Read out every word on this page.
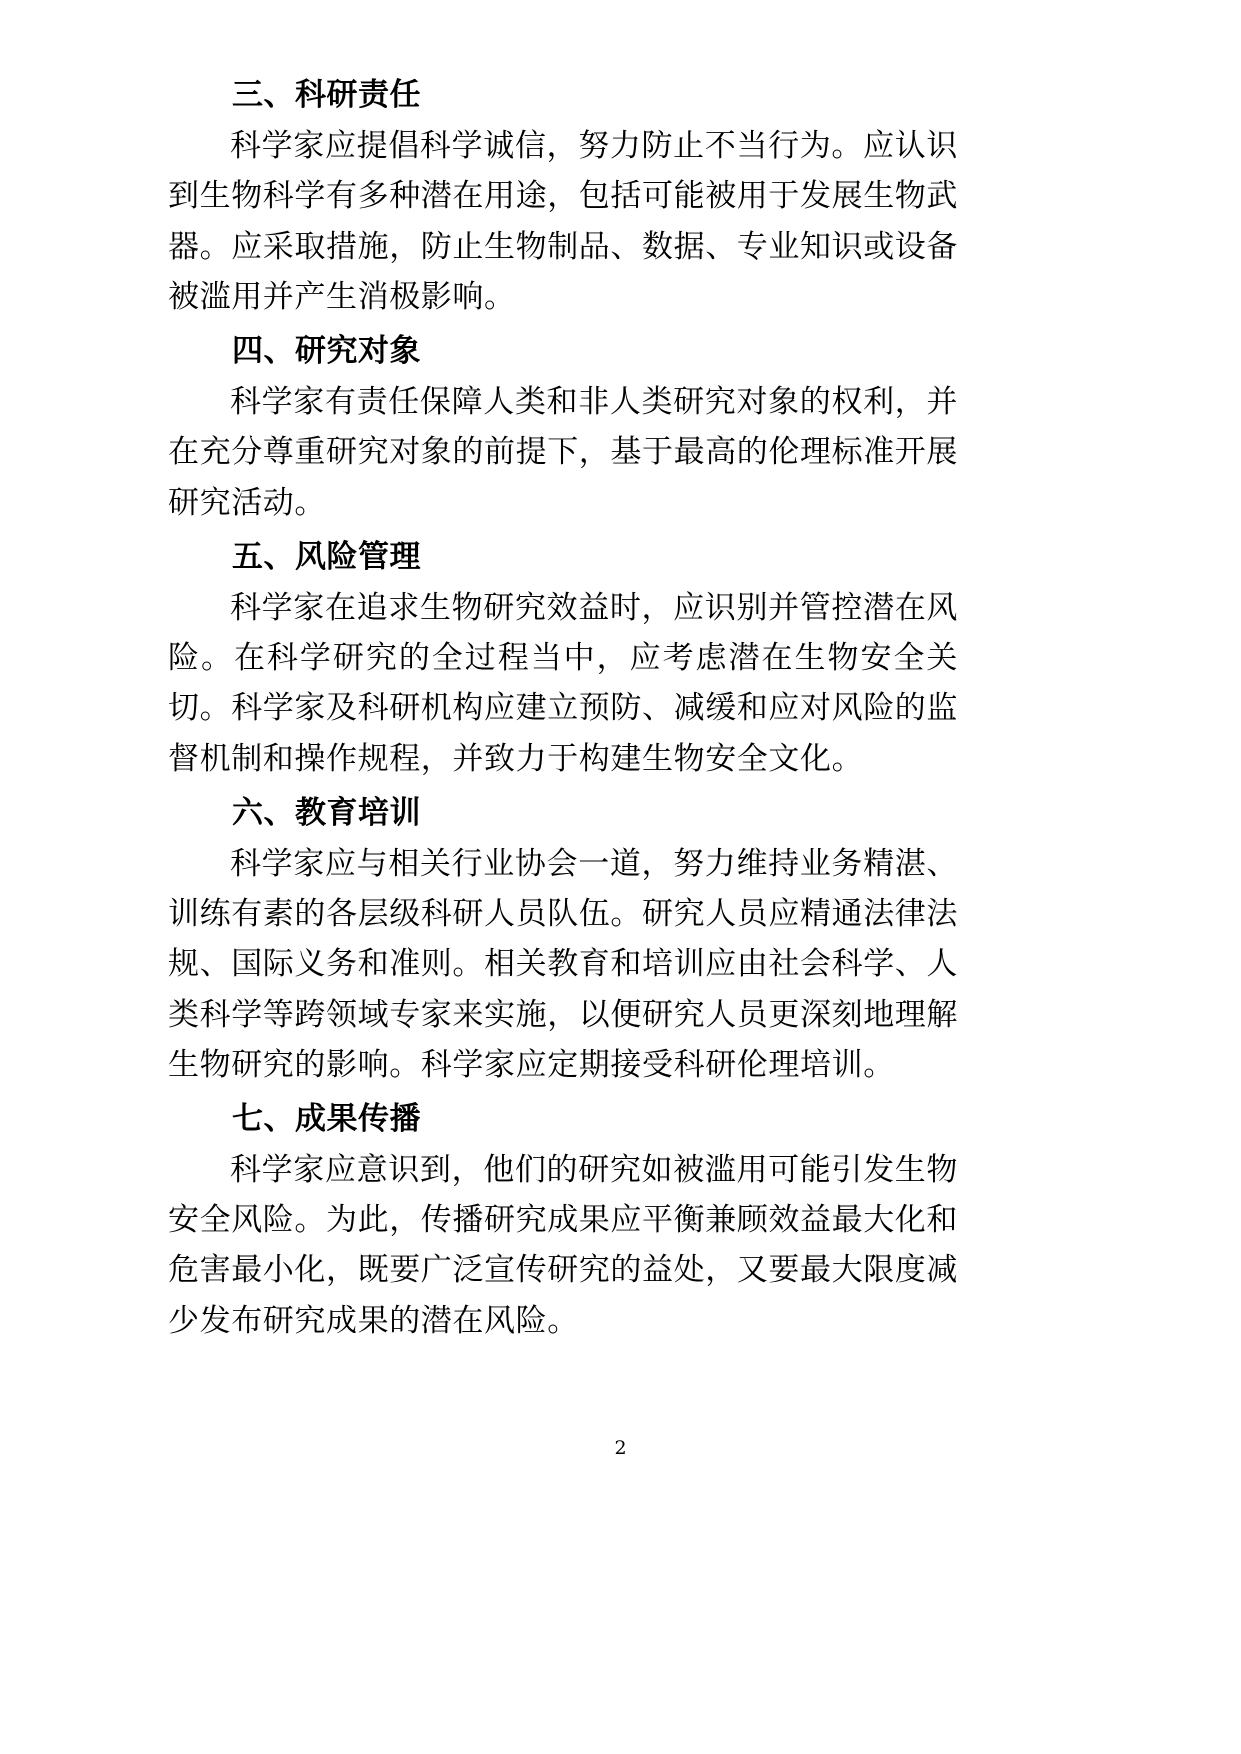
三、科研责任

科学家应提倡科学诚信，努力防止不当行为。应认识到生物科学有多种潜在用途，包括可能被用于发展生物武器。应采取措施，防止生物制品、数据、专业知识或设备被滥用并产生消极影响。

四、研究对象

科学家有责任保障人类和非人类研究对象的权利，并在充分尊重研究对象的前提下，基于最高的伦理标准开展研究活动。

五、风险管理

科学家在追求生物研究效益时，应识别并管控潜在风险。在科学研究的全过程当中，应考虑潜在生物安全关切。科学家及科研机构应建立预防、减缓和应对风险的监督机制和操作规程，并致力于构建生物安全文化。

六、教育培训

科学家应与相关行业协会一道，努力维持业务精湛、训练有素的各层级科研人员队伍。研究人员应精通法律法规、国际义务和准则。相关教育和培训应由社会科学、人类科学等跨领域专家来实施，以便研究人员更深刻地理解生物研究的影响。科学家应定期接受科研伦理培训。

七、成果传播

科学家应意识到，他们的研究如被滥用可能引发生物安全风险。为此，传播研究成果应平衡兼顾效益最大化和危害最小化，既要广泛宣传研究的益处，又要最大限度减少发布研究成果的潜在风险。

2
